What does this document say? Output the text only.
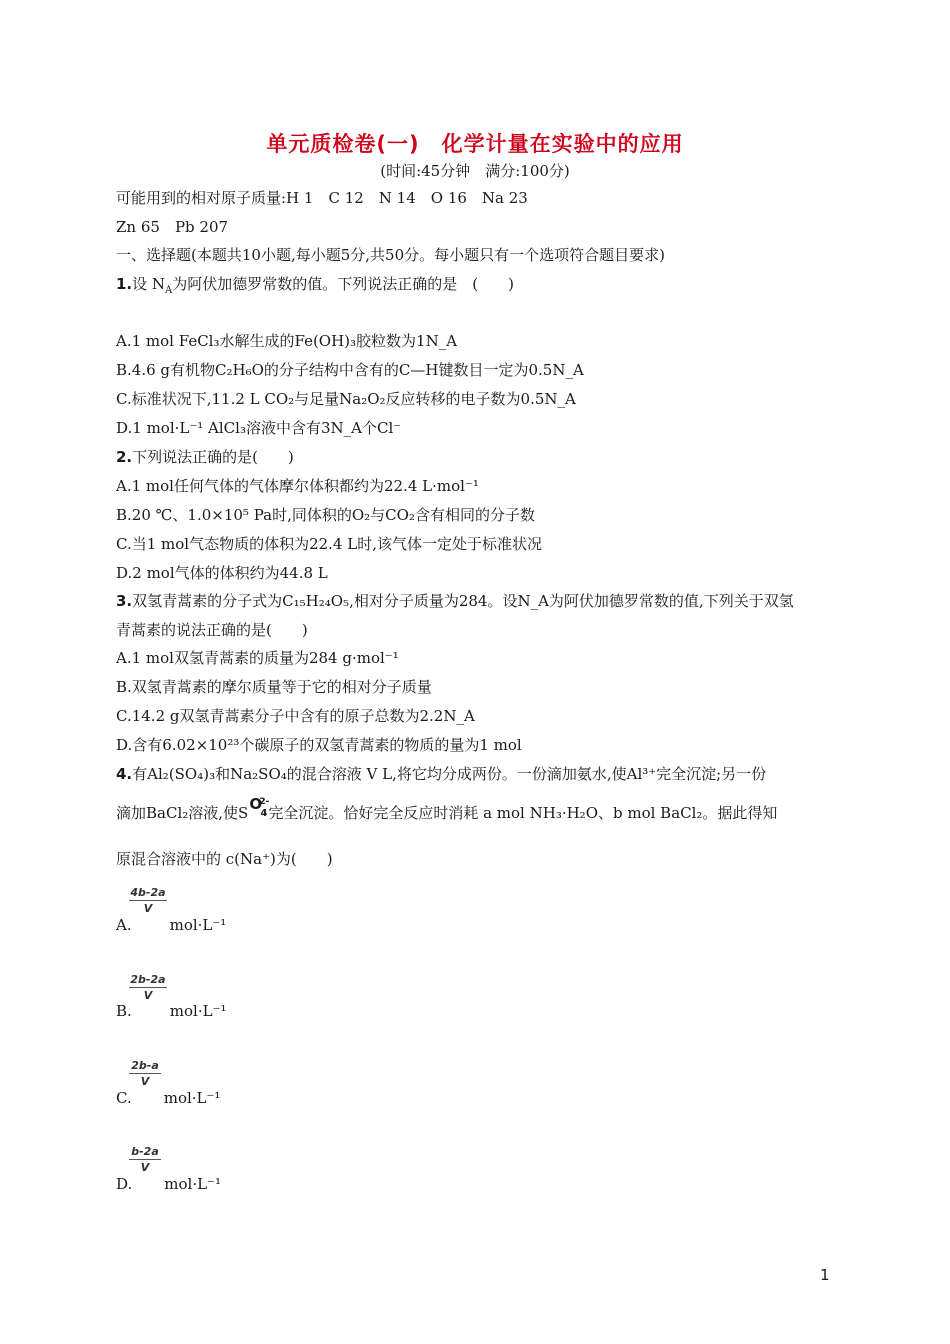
单元质检卷(一)　化学计量在实验中的应用
(时间:45分钟　满分:100分)
可能用到的相对原子质量:H 1　C 12　N 14　O 16　Na 23
Zn 65　Pb 207
一、选择题(本题共10小题,每小题5分,共50分。每小题只有一个选项符合题目要求)
1.设 $N_A$为阿伏加德罗常数的值。下列说法正确的是　(　　)
A.1 mol FeCl₃水解生成的Fe(OH)₃胶粒数为1N_A
B.4.6 g有机物C₂H₆O的分子结构中含有的C—H键数目一定为0.5N_A
C.标准状况下,11.2 L CO₂与足量Na₂O₂反应转移的电子数为0.5N_A
D.1 mol·L⁻¹ AlCl₃溶液中含有3N_A个Cl⁻
2.下列说法正确的是(　　)
A.1 mol任何气体的气体摩尔体积都约为22.4 L·mol⁻¹
B.20 ℃、1.0×10⁵ Pa时,同体积的O₂与CO₂含有相同的分子数
C.当1 mol气态物质的体积为22.4 L时,该气体一定处于标准状况
D.2 mol气体的体积约为44.8 L
3.双氢青蒿素的分子式为C₁₅H₂₄O₅,相对分子质量为284。设N_A为阿伏加德罗常数的值,下列关于双氢
青蒿素的说法正确的是(　　)
A.1 mol双氢青蒿素的质量为284 g·mol⁻¹
B.双氢青蒿素的摩尔质量等于它的相对分子质量
C.14.2 g双氢青蒿素分子中含有的原子总数为2.2N_A
D.含有6.02×10²³个碳原子的双氢青蒿素的物质的量为1 mol
4.有Al₂(SO₄)₃和Na₂SO₄的混合溶液 V L,将它均分成两份。一份滴加氨水,使Al³⁺完全沉淀;另一份
滴加BaCl₂溶液,使S O
2-
4 完全沉淀。恰好完全反应时消耗 a mol NH₃·H₂O、b mol BaCl₂。据此得知
原混合溶液中的 c(Na⁺)为(　　)
$\frac{4b-2a}{V}$
A.	mol·L⁻¹
$\frac{2b-2a}{V}$
B.	mol·L⁻¹
$\frac{2b-a}{V}$
C. mol·L⁻¹
$\frac{b-2a}{V}$
D. mol·L⁻¹
1
